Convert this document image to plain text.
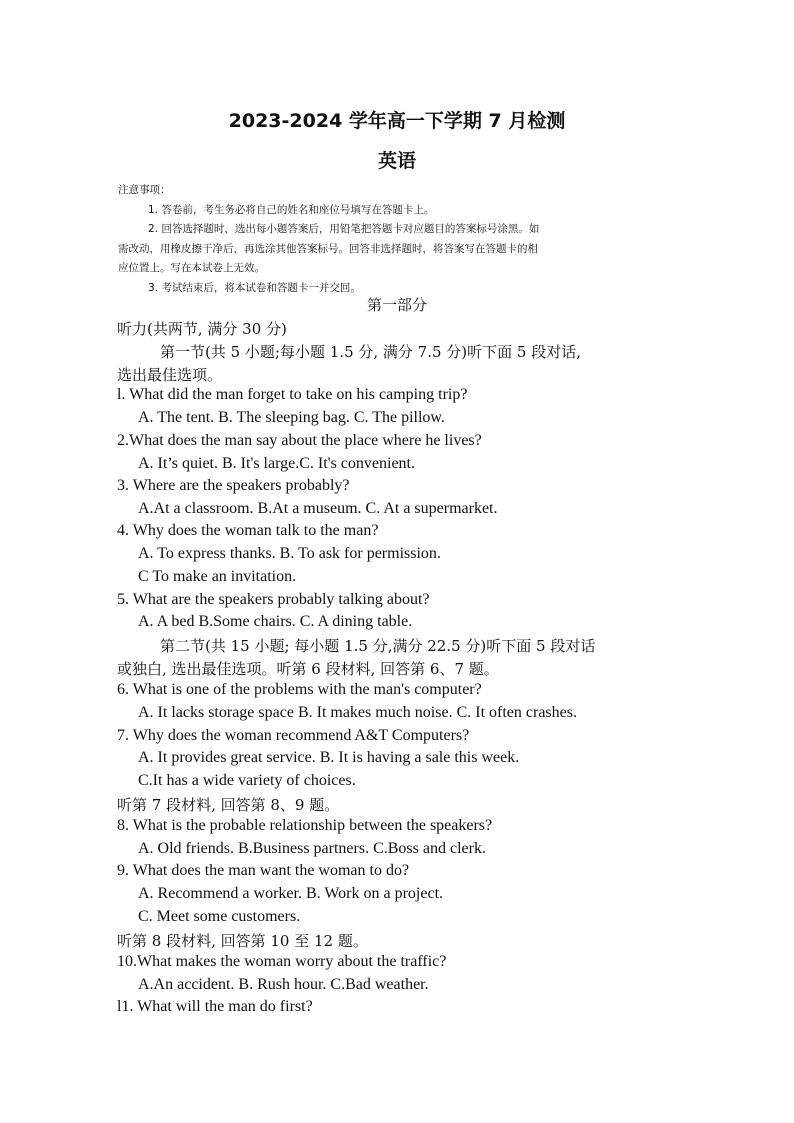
2023-2024 学年高一下学期 7 月检测
英语
注意事项：
1. 答卷前，考生务必将自己的姓名和座位号填写在答题卡上。
2. 回答选择题时，选出每小题答案后，用铅笔把答题卡对应题目的答案标号涂黑。如
需改动，用橡皮擦干净后，再选涂其他答案标号。回答非选择题时，将答案写在答题卡的相
应位置上。写在本试卷上无效。
3. 考试结束后，将本试卷和答题卡一并交回。
第一部分
听力(共两节, 满分 30 分)
第一节(共 5 小题;每小题 1.5 分, 满分 7.5 分)听下面 5 段对话,
选出最佳选项。
l. What did the man forget to take on his camping trip?
A. The tent. B. The sleeping bag. C. The pillow.
2.What does the man say about the place where he lives?
A. It’s quiet. B. It's large.C. It's convenient.
3. Where are the speakers probably?
A.At a classroom. B.At a museum. C. At a supermarket.
4. Why does the woman talk to the man?
A. To express thanks. B. To ask for permission.
C To make an invitation.
5. What are the speakers probably talking about?
A. A bed B.Some chairs. C. A dining table.
第二节(共 15 小题; 每小题 1.5 分,满分 22.5 分)听下面 5 段对话
或独白, 选出最佳选项。听第 6 段材料, 回答第 6、7 题。
6. What is one of the problems with the man's computer?
A. It lacks storage space B. It makes much noise. C. It often crashes.
7. Why does the woman recommend A&T Computers?
A. It provides great service. B. It is having a sale this week.
C.It has a wide variety of choices.
听第 7 段材料, 回答第 8、9 题。
8. What is the probable relationship between the speakers?
A. Old friends. B.Business partners. C.Boss and clerk.
9. What does the man want the woman to do?
A. Recommend a worker. B. Work on a project.
C. Meet some customers.
听第 8 段材料, 回答第 10 至 12 题。
10.What makes the woman worry about the traffic?
A.An accident. B. Rush hour. C.Bad weather.
l1. What will the man do first?
